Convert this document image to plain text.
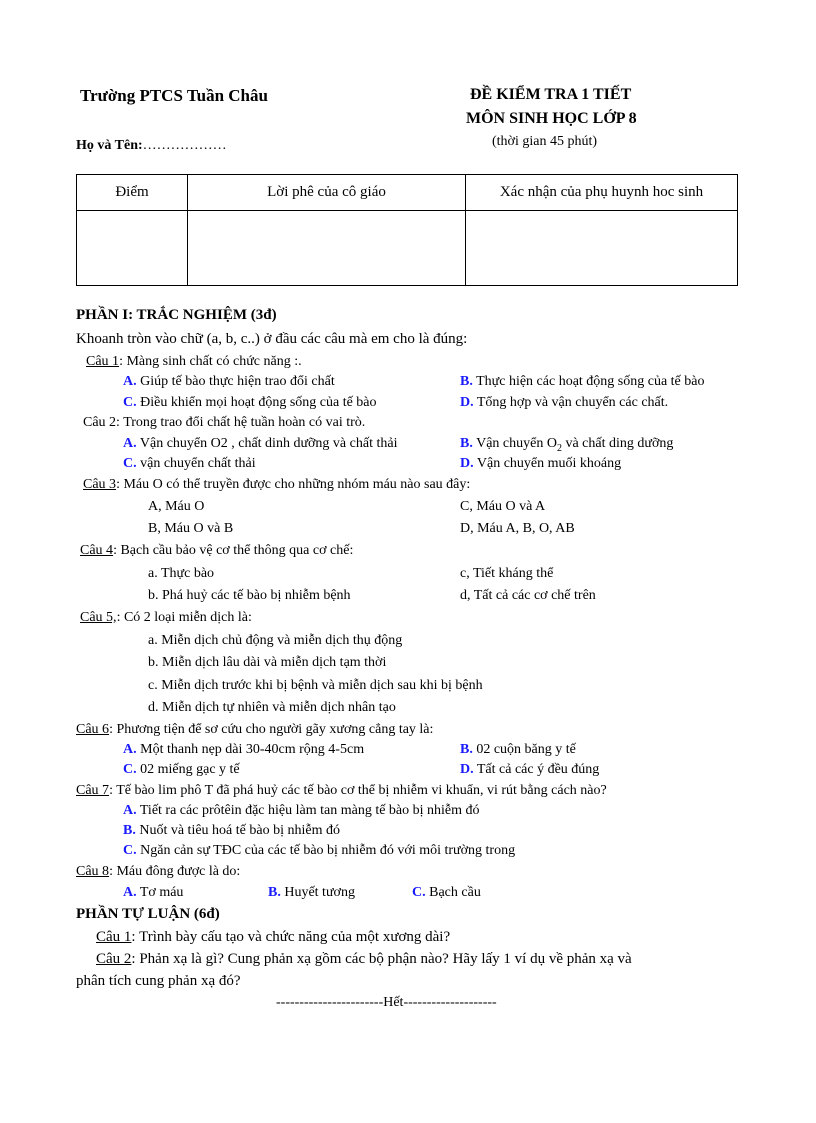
Trường PTCS Tuần Châu	ĐỀ KIỂM TRA 1 TIẾT
MÔN SINH HỌC LỚP 8
Họ và Tên:………………	(thời gian 45 phút)
Điểm	Lời phê của cô giáo	Xác nhận của phụ huynh hoc sinh

PHẦN I: TRẮC NGHIỆM (3đ)
Khoanh tròn vào chữ (a, b, c..) ở đầu các câu mà em cho là đúng:
Câu 1: Màng sinh chất có chức năng :.
A. Giúp tế bào thực hiện trao đổi chất	B. Thực hiện các hoạt động sống của tế bào
C. Điều khiển mọi hoạt động sống của tế bào	D. Tổng hợp và vận chuyển các chất.
Câu 2: Trong trao đổi chất hệ tuần hoàn có vai trò.
A. Vận chuyển O2 , chất dinh dưỡng và chất thải	B. Vận chuyển $O_2$ và chất ding dưỡng
C. vận chuyển chất thải	D. Vận chuyển muối khoáng
Câu 3: Máu O có thể truyền được cho những nhóm máu nào sau đây:
A, Máu O	C, Máu O và A
B, Máu O và B	D, Máu A, B, O, AB
Câu 4: Bạch cầu bảo vệ cơ thể thông qua cơ chế:
a. Thực bào	c, Tiết kháng thể
b. Phá huỷ các tế bào bị nhiễm bệnh	d, Tất cả các cơ chế trên
Câu 5,: Có 2 loại miễn dịch là:
a. Miễn dịch chủ động và miễn dịch thụ động
b. Miễn dịch lâu dài và miễn dịch tạm thời
c. Miễn dịch trước khi bị bệnh và miễn dịch sau khi bị bệnh
d. Miễn dịch tự nhiên và miễn dịch nhân tạo
Câu 6: Phương tiện để sơ cứu cho người gãy xương cẳng tay là:
A. Một thanh nẹp dài 30-40cm rộng 4-5cm	B. 02 cuộn băng y tế
C. 02 miếng gạc y tế	D. Tất cả các ý đều đúng
Câu 7: Tế bào lim phô T đã phá huỷ các tế bào cơ thể bị nhiễm vi khuẩn, vi rút bằng cách nào?
A. Tiết ra các prôtêin đặc hiệu làm tan màng tế bào bị nhiễm đó
B. Nuốt và tiêu hoá tế bào bị nhiễm đó
C. Ngăn cản sự TĐC của các tế bào bị nhiễm đó với môi trường trong
Câu 8: Máu đông được là do:
A. Tơ máu	B. Huyết tương	C. Bạch cầu
PHẦN TỰ LUẬN (6đ)
Câu 1: Trình bày cấu tạo và chức năng của một xương dài?
Câu 2: Phản xạ là gì? Cung phản xạ gồm các bộ phận nào? Hãy lấy 1 ví dụ về phản xạ và
phân tích cung phản xạ đó?
-----------------------Hết--------------------
